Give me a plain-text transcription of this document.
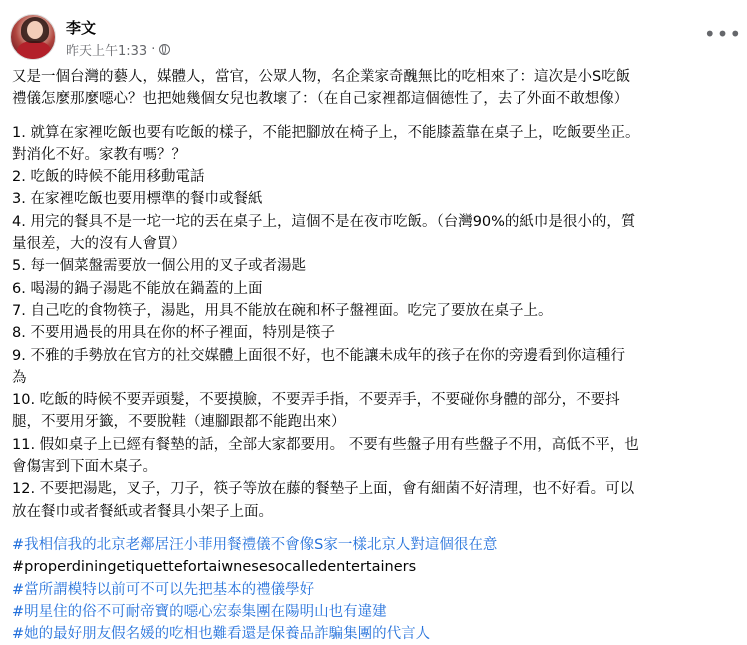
李文
昨天上午1:33 ·
•••
又是一個台灣的藝人，媒體人，當官，公眾人物，名企業家奇醜無比的吃相來了：這次是小S吃飯
禮儀怎麼那麼噁心？也把她幾個女兒也教壞了：（在自己家裡都這個德性了，去了外面不敢想像）
1. 就算在家裡吃飯也要有吃飯的樣子，不能把腳放在椅子上，不能膝蓋靠在桌子上，吃飯要坐正。
對消化不好。家教有嗎？？
2. 吃飯的時候不能用移動電話
3. 在家裡吃飯也要用標準的餐巾或餐紙
4. 用完的餐具不是一坨一坨的丟在桌子上，這個不是在夜市吃飯。（台灣90%的紙巾是很小的，質
量很差，大的沒有人會買）
5. 每一個菜盤需要放一個公用的叉子或者湯匙
6. 喝湯的鍋子湯匙不能放在鍋蓋的上面
7. 自己吃的食物筷子，湯匙，用具不能放在碗和杯子盤裡面。吃完了要放在桌子上。
8. 不要用過長的用具在你的杯子裡面，特別是筷子
9. 不雅的手勢放在官方的社交媒體上面很不好，也不能讓未成年的孩子在你的旁邊看到你這種行
為
10. 吃飯的時候不要弄頭髮，不要摸臉，不要弄手指，不要弄手，不要碰你身體的部分，不要抖
腿，不要用牙籤，不要脫鞋（連腳跟都不能跑出來）
11. 假如桌子上已經有餐墊的話，全部大家都要用。 不要有些盤子用有些盤子不用，高低不平，也
會傷害到下面木桌子。
12. 不要把湯匙，叉子，刀子，筷子等放在藤的餐墊子上面，會有細菌不好清理，也不好看。可以
放在餐巾或者餐紙或者餐具小架子上面。
#我相信我的北京老鄰居汪小菲用餐禮儀不會像S家一樣北京人對這個很在意
#properdiningetiquettefortaiwnesesocalledentertainers
#當所謂模特以前可不可以先把基本的禮儀學好
#明星住的俗不可耐帝寶的噁心宏泰集團在陽明山也有違建
#她的最好朋友假名媛的吃相也難看還是保養品詐騙集團的代言人
